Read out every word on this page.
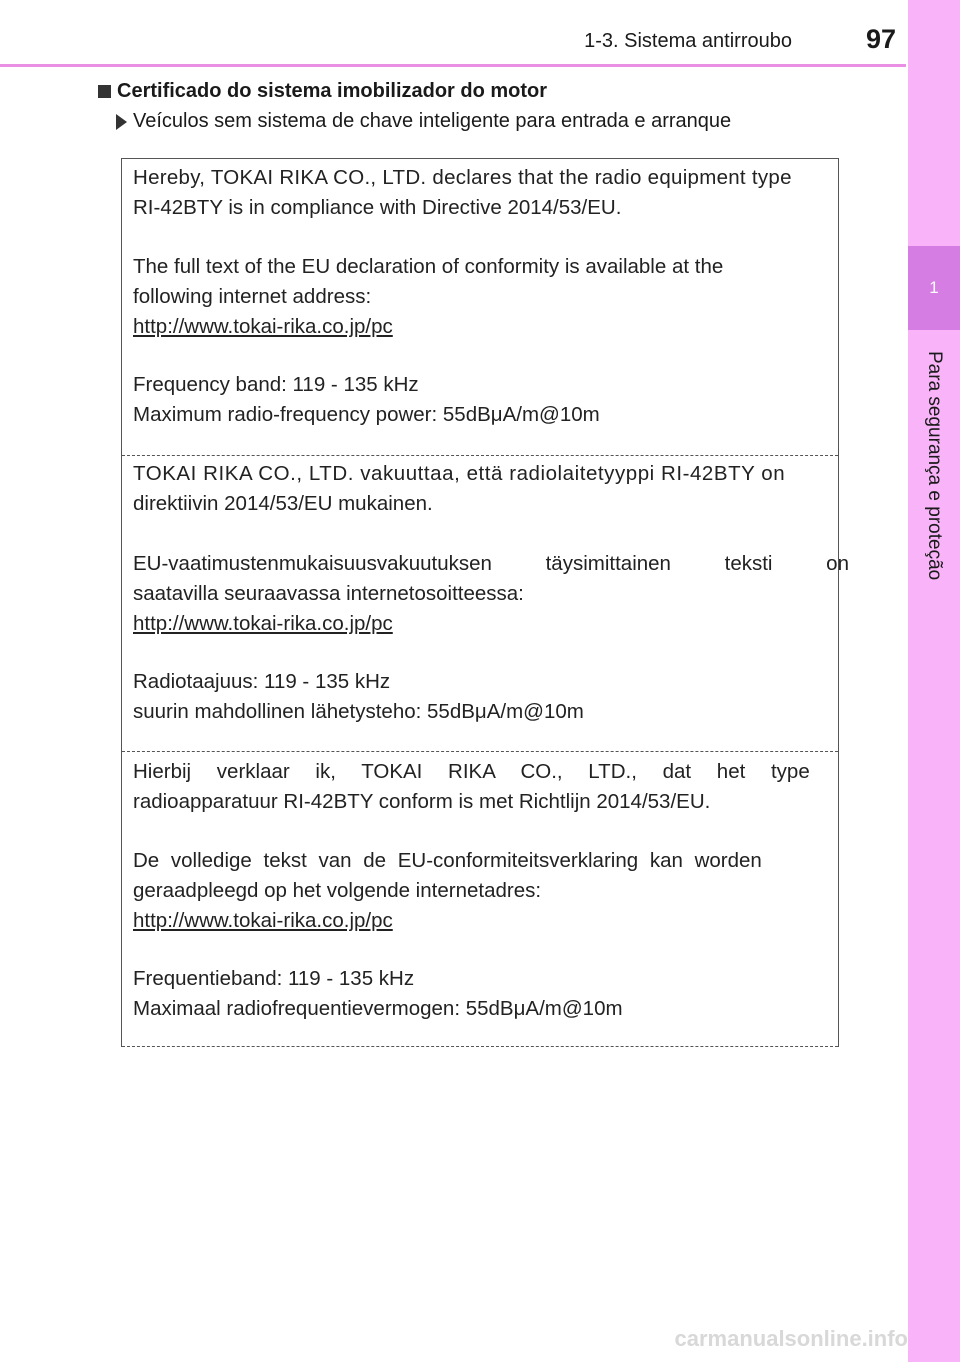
1-3. Sistema antirroubo	97
1
Para segurança e proteção
Certificado do sistema imobilizador do motor
Veículos sem sistema de chave inteligente para entrada e arranque
Hereby, TOKAI RIKA CO., LTD. declares that the radio equipment type
RI-42BTY is in compliance with Directive 2014/53/EU.
The full text of the EU declaration of conformity is available at the
following internet address:
http://www.tokai-rika.co.jp/pc
Frequency band: 119 - 135 kHz
Maximum radio-frequency power: 55dBμA/m@10m
TOKAI RIKA CO., LTD. vakuuttaa, että radiolaitetyyppi RI-42BTY on
direktiivin 2014/53/EU mukainen.
EU-vaatimustenmukaisuusvakuutuksen täysimittainen teksti on
saatavilla seuraavassa internetosoitteessa:
http://www.tokai-rika.co.jp/pc
Radiotaajuus: 119 - 135 kHz
suurin mahdollinen lähetysteho: 55dBμA/m@10m
Hierbij verklaar ik, TOKAI RIKA CO., LTD., dat het type
radioapparatuur RI-42BTY conform is met Richtlijn 2014/53/EU.
De volledige tekst van de EU-conformiteitsverklaring kan worden
geraadpleegd op het volgende internetadres:
http://www.tokai-rika.co.jp/pc
Frequentieband: 119 - 135 kHz
Maximaal radiofrequentievermogen: 55dBμA/m@10m
carmanualsonline.info
